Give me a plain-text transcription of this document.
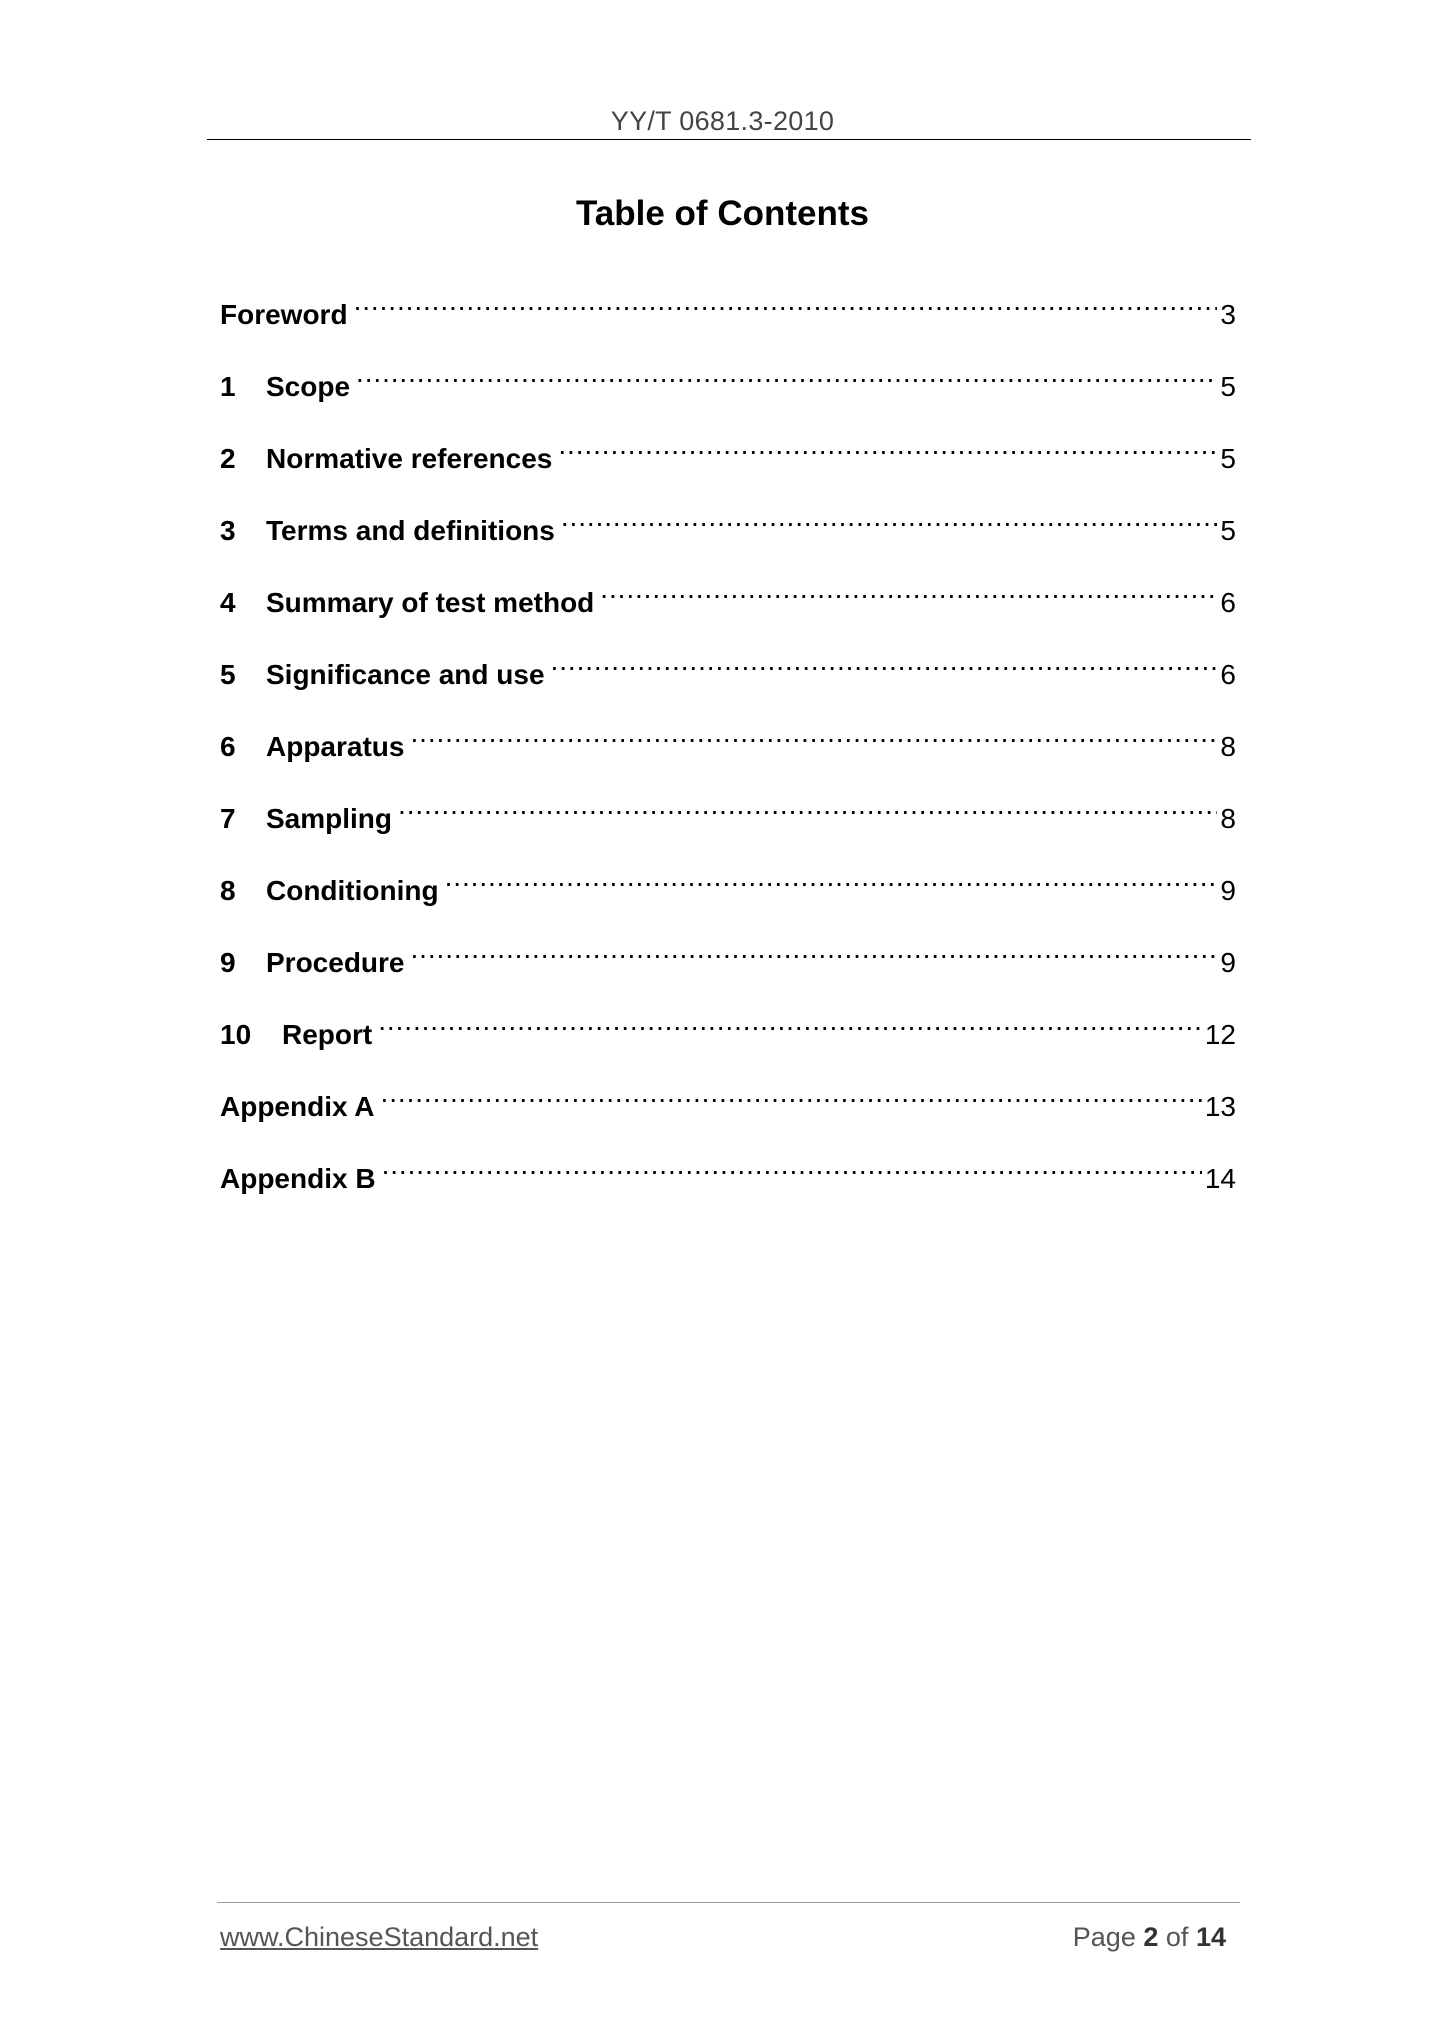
YY/T 0681.3-2010
Table of Contents
Foreword .....	3
1	Scope .....	5
2	Normative references .....	5
3	Terms and definitions .....	5
4	Summary of test method .....	6
5	Significance and use .....	6
6	Apparatus .....	8
7	Sampling .....	8
8	Conditioning .....	9
9	Procedure .....	9
10	Report .....	12
Appendix A .....	13
Appendix B .....	14
www.ChineseStandard.net	Page 2 of 14
